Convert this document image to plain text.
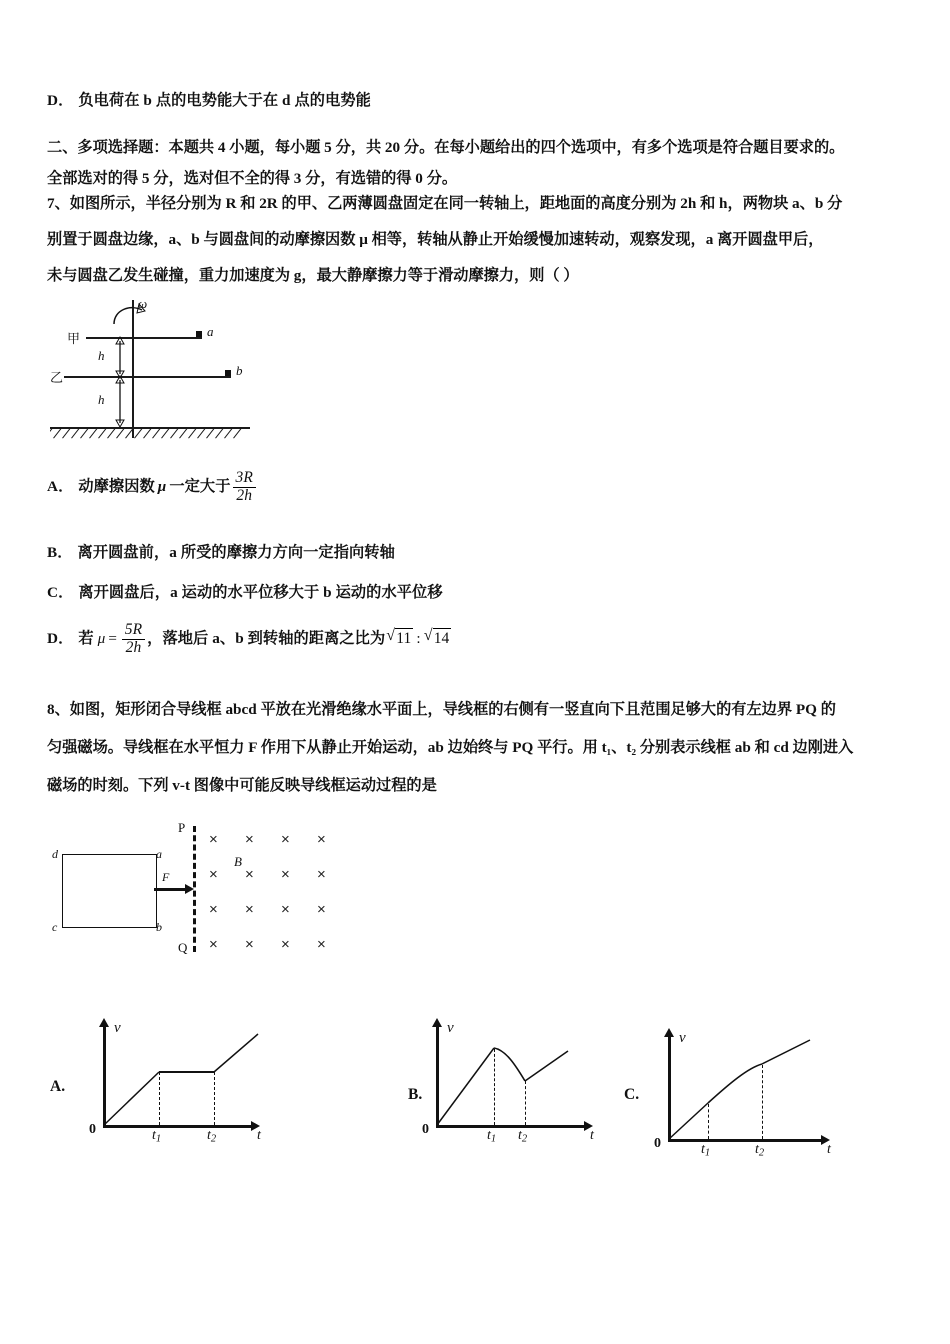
D． 负电荷在 b 点的电势能大于在 d 点的电势能
二、多项选择题：本题共 4 小题，每小题 5 分，共 20 分。在每小题给出的四个选项中，有多个选项是符合题目要求的。
全部选对的得 5 分，选对但不全的得 3 分，有选错的得 0 分。
7、如图所示，半径分别为 R 和 2R 的甲、乙两薄圆盘固定在同一转轴上，距地面的高度分别为 2h 和 h，两物块 a、b 分
别置于圆盘边缘，a、b 与圆盘间的动摩擦因数 μ 相等，转轴从静止开始缓慢加速转动，观察发现，a 离开圆盘甲后，
未与圆盘乙发生碰撞，重力加速度为 g，最大静摩擦力等于滑动摩擦力，则（ ）
ω
甲	a
乙	b
h
h
A． 动摩擦因数 μ 一定大于 $\frac{3R}{2h}$
B． 离开圆盘前，a 所受的摩擦力方向一定指向转轴
C． 离开圆盘后，a 运动的水平位移大于 b 运动的水平位移
D． 若 $\mu = \frac{5R}{2h}$ ，落地后 a、b 到转轴的距离之比为 √ 11 : √ 14
8、如图，矩形闭合导线框 abcd 平放在光滑绝缘水平面上，导线框的右侧有一竖直向下且范围足够大的有左边界 PQ 的
匀强磁场。导线框在水平恒力 F 作用下从静止开始运动，ab 边始终与 PQ 平行。用 t₁、t₂ 分别表示线框 ab 和 cd 边刚进入
磁场的时刻。下列 v-t 图像中可能反映导线框运动过程的是
d	a
c	b
F
P
Q
B
× × × ×
× × × ×
× × × ×
× × × ×
A.
v
t
0	$t_1$	$t_2$
B.
v
t
0	$t_1$ $t_2$
C.
v
t
0	$t_1$	$t_2$
